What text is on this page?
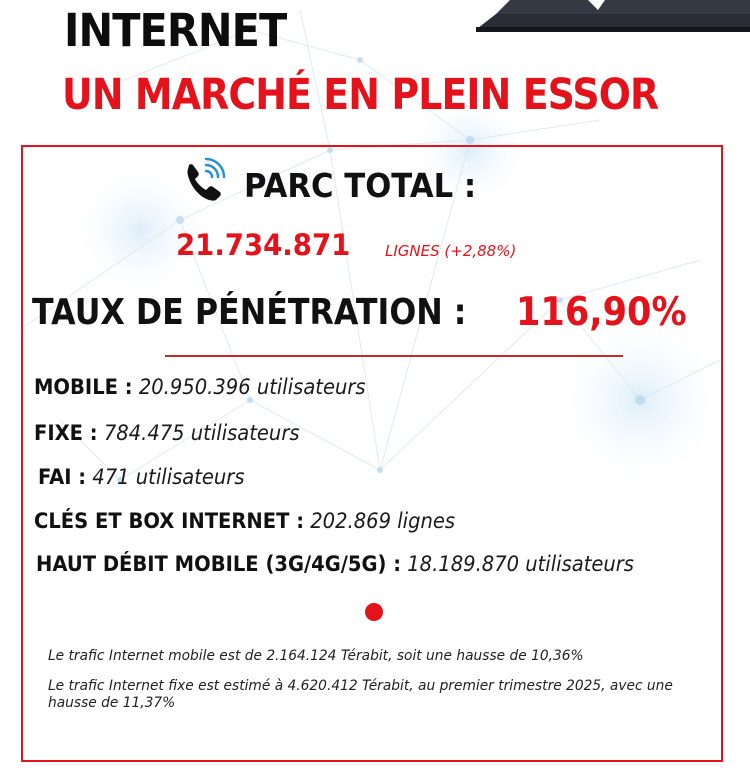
INTERNET
UN MARCHÉ EN PLEIN ESSOR
PARC TOTAL :
21.734.871	LIGNES (+2,88%)
TAUX DE PÉNÉTRATION : 116,90%
MOBILE : 20.950.396 utilisateurs
FIXE : 784.475 utilisateurs
FAI : 471 utilisateurs
CLÉS ET BOX INTERNET : 202.869 lignes
HAUT DÉBIT MOBILE (3G/4G/5G) : 18.189.870 utilisateurs
Le trafic Internet mobile est de 2.164.124 Térabit, soit une hausse de 10,36%
Le trafic Internet fixe est estimé à 4.620.412 Térabit, au premier trimestre 2025, avec une hausse de 11,37%
